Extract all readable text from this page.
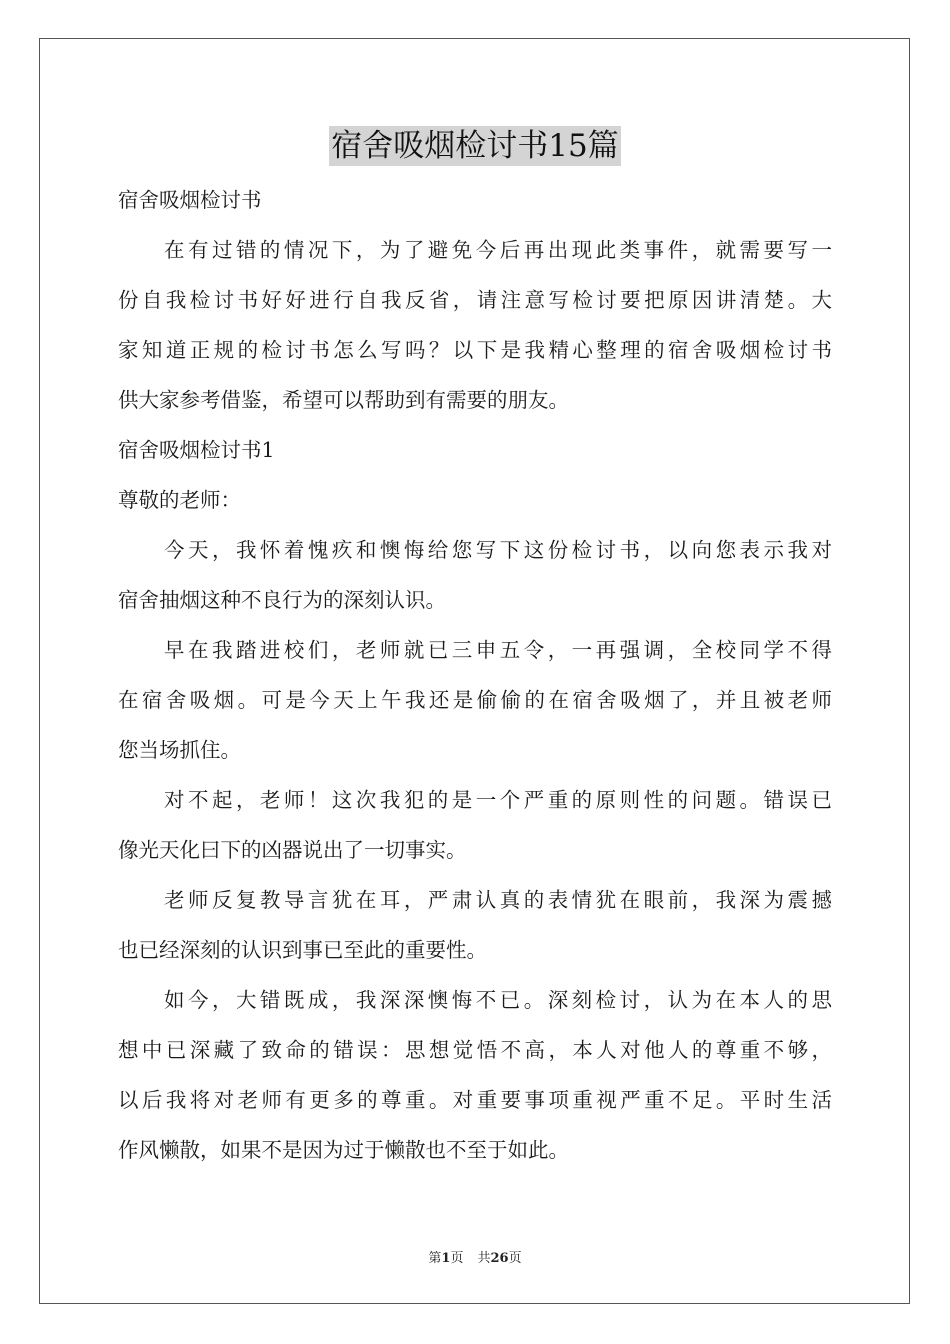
宿舍吸烟检讨书15篇

宿舍吸烟检讨书

在有过错的情况下，为了避免今后再出现此类事件，就需要写一

份自我检讨书好好进行自我反省，请注意写检讨要把原因讲清楚。大

家知道正规的检讨书怎么写吗？以下是我精心整理的宿舍吸烟检讨书

供大家参考借鉴，希望可以帮助到有需要的朋友。

宿舍吸烟检讨书1

尊敬的老师：

今天，我怀着愧疚和懊悔给您写下这份检讨书，以向您表示我对

宿舍抽烟这种不良行为的深刻认识。

早在我踏进校们，老师就已三申五令，一再强调，全校同学不得

在宿舍吸烟。可是今天上午我还是偷偷的在宿舍吸烟了，并且被老师

您当场抓住。

对不起，老师！这次我犯的是一个严重的原则性的问题。错误已

像光天化曰下的凶器说出了一切事实。

老师反复教导言犹在耳，严肃认真的表情犹在眼前，我深为震撼

也已经深刻的认识到事已至此的重要性。

如今，大错既成，我深深懊悔不已。深刻检讨，认为在本人的思

想中已深藏了致命的错误：思想觉悟不高，本人对他人的尊重不够，

以后我将对老师有更多的尊重。对重要事项重视严重不足。平时生活

作风懒散，如果不是因为过于懒散也不至于如此。

第1页 共26页
